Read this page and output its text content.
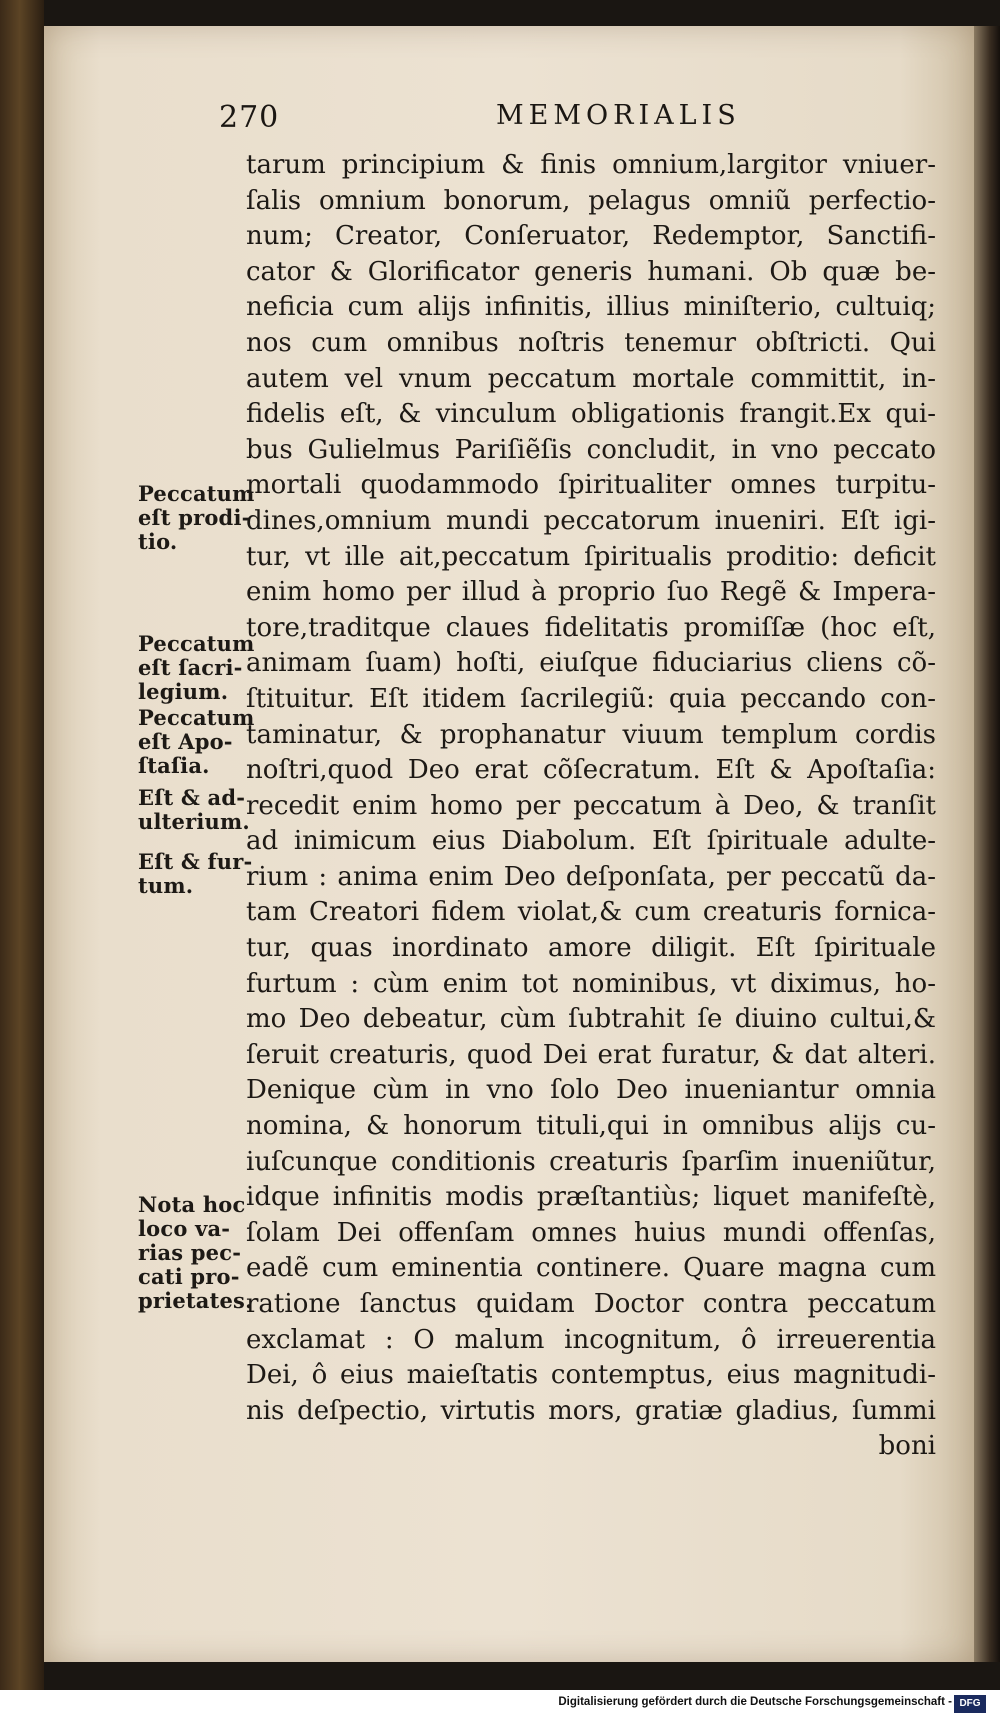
270	MEMORIALIS
tarum principium & finis omnium,largitor vniuer-
ſalis omnium bonorum, pelagus omniũ perfectio-
num; Creator, Conſeruator, Redemptor, Sanctifi-
cator & Glorificator generis humani. Ob quæ be-
neficia cum alijs infinitis, illius miniſterio, cultuiq;
nos cum omnibus noſtris tenemur obſtricti. Qui
autem vel vnum peccatum mortale committit, in-
fidelis eſt, & vinculum obligationis frangit.Ex qui-
bus Gulielmus Pariſiẽſis concludit, in vno peccato
mortali quodammodo ſpiritualiter omnes turpitu-
dines,omnium mundi peccatorum inueniri. Eſt igi-
tur, vt ille ait,peccatum ſpiritualis proditio: deficit
enim homo per illud à proprio ſuo Regẽ & Impera-
tore,traditque claues fidelitatis promiſſæ (hoc eſt,
animam ſuam) hoſti, eiuſque fiduciarius cliens cõ-
ſtituitur. Eſt itidem ſacrilegiũ: quia peccando con-
taminatur, & prophanatur viuum templum cordis
noſtri,quod Deo erat cõſecratum. Eſt & Apoſtaſia:
recedit enim homo per peccatum à Deo, & tranſit
ad inimicum eius Diabolum. Eſt ſpirituale adulte-
rium : anima enim Deo deſponſata, per peccatũ da-
tam Creatori fidem violat,& cum creaturis fornica-
tur, quas inordinato amore diligit. Eſt ſpirituale
furtum : cùm enim tot nominibus, vt diximus, ho-
mo Deo debeatur, cùm ſubtrahit ſe diuino cultui,&
ſeruit creaturis, quod Dei erat furatur, & dat alteri.
Denique cùm in vno ſolo Deo inueniantur omnia
nomina, & honorum tituli,qui in omnibus alijs cu-
iuſcunque conditionis creaturis ſparſim inueniũtur,
idque infinitis modis præſtantiùs; liquet manifeſtè,
ſolam Dei offenſam omnes huius mundi offenſas,
eadẽ cum eminentia continere. Quare magna cum
ratione ſanctus quidam Doctor contra peccatum
exclamat : O malum incognitum, ô irreuerentia
Dei, ô eius maieſtatis contemptus, eius magnitudi-
nis deſpectio, virtutis mors, gratiæ gladius, ſummi
boni
Peccatum
eſt prodi-
tio.
Peccatum
eſt ſacri-
legium.
Peccatum
eſt Apo-
ſtaſia.
Eſt & ad-
ulterium.
Eſt & fur-
tum.
Nota hoc
loco va-
rias pec-
cati pro-
prietates.
Digitalisierung gefördert durch die Deutsche Forschungsgemeinschaft - DFG
